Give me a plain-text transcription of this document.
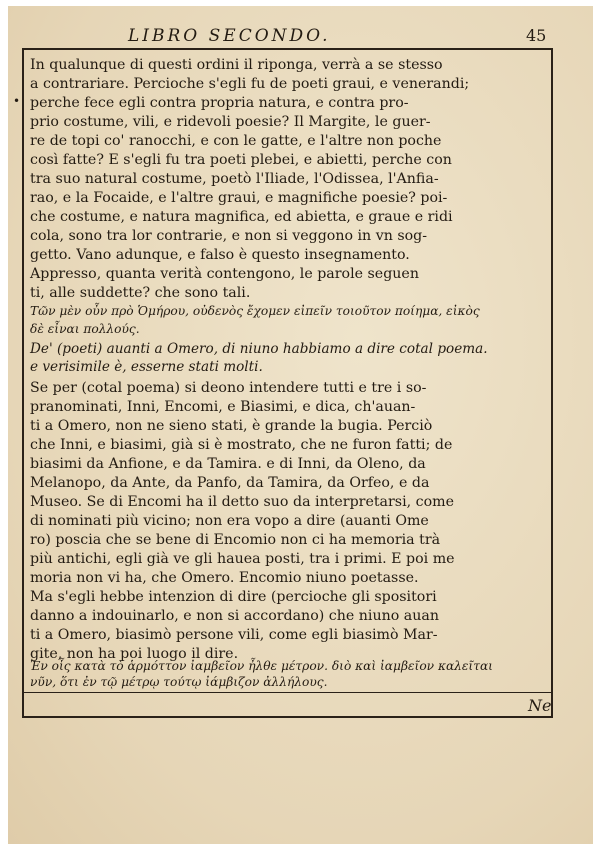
LIBRO SECONDO.	45
•
In qualunque di questi ordini il riponga, verrà a se stesso
a contrariare. Percioche s'egli fu de poeti graui, e venerandi;
perche fece egli contra propria natura, e contra pro-
prio costume, vili, e ridevoli poesie? Il Margite, le guer-
re de topi co' ranocchi, e con le gatte, e l'altre non poche
così fatte? E s'egli fu tra poeti plebei, e abietti, perche con
tra suo natural costume, poetò l'Iliade, l'Odissea, l'Anfia-
rao, e la Focaide, e l'altre graui, e magnifiche poesie? poi-
che costume, e natura magnifica, ed abietta, e graue e ridi
cola, sono tra lor contrarie, e non si veggono in vn sog-
getto. Vano adunque, e falso è questo insegnamento.
Appresso, quanta verità contengono, le parole seguen
ti, alle suddette? che sono tali.
Τῶν μὲν οὖν πρὸ Ὁμήρου, οὐδενὸς ἔχομεν εἰπεῖν τοιοῦτον ποίημα, εἰκὸς
δὲ εἶναι πολλούς.
De' (poeti) auanti a Omero, di niuno habbiamo a dire cotal poema.
e verisimile è, esserne stati molti.
Se per (cotal poema) si deono intendere tutti e tre i so-
pranominati, Inni, Encomi, e Biasimi, e dica, ch'auan-
ti a Omero, non ne sieno stati, è grande la bugia. Perciò
che Inni, e biasimi, già si è mostrato, che ne furon fatti; de
biasimi da Anfione, e da Tamira. e di Inni, da Oleno, da
Melanopo, da Ante, da Panfo, da Tamira, da Orfeo, e da
Museo. Se di Encomi ha il detto suo da interpretarsi, come
di nominati più vicino; non era vopo a dire (auanti Ome
ro) poscia che se bene di Encomio non ci ha memoria trà
più antichi, egli già ve gli hauea posti, tra i primi. E poi me
moria non vi ha, che Omero. Encomio niuno poetasse.
Ma s'egli hebbe intenzion di dire (percioche gli spositori
danno a indouinarlo, e non si accordano) che niuno auan
ti a Omero, biasimò persone vili, come egli biasimò Mar-
gite, non ha poi luogo il dire.
Ἐν οἷς κατὰ τὸ ἁρμόττον ἰαμβεῖον ἦλθε μέτρον. διὸ καὶ ἰαμβεῖον καλεῖται
νῦν, ὅτι ἐν τῷ μέτρῳ τούτῳ ἰάμβιζον ἀλλήλους.
Ne
